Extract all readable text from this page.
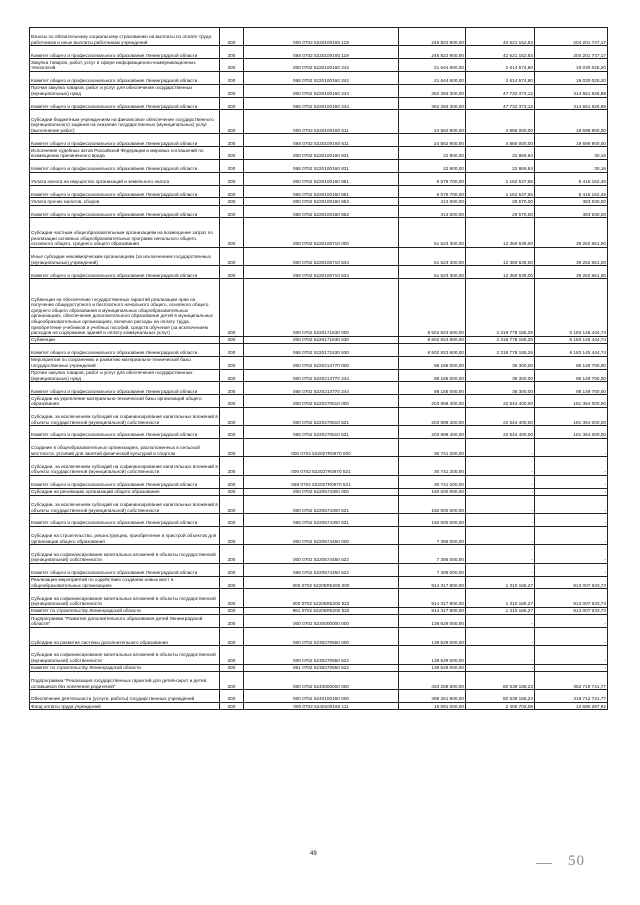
Взносы по обязательному социальному страхованию на выплаты по оплате труда работников и иные выплаты работникам учреждений	200	000 0702 5220100160 119	246 822 900,00	42 621 152,83	204 201 747,17
Комитет общего и профессионального образования Ленинградской области	200	068 0702 5220100160 119	246 822 900,00	42 621 152,83	204 201 747,17
Закупка товаров, работ, услуг в сфере информационно-коммуникационных технологий	200	000 0702 5220100160 242	21 644 600,00	2 614 574,80	19 030 025,20
Комитет общего и профессионального образования Ленинградской области	200	068 0702 5220100160 242	21 644 600,00	2 614 574,80	19 030 025,20
Прочая закупка товаров, работ и услуг для обеспечения государственных (муниципальных) нужд	200	000 0702 5220100160 244	362 284 300,00	47 732 373,12	314 551 926,88
Комитет общего и профессионального образования Ленинградской области	200	068 0702 5220100160 244	362 284 300,00	47 732 373,12	314 551 926,88
Субсидии бюджетным учреждениям на финансовое обеспечение государственного (муниципального) задания на оказание государственных (муниципальных) услуг (выполнение работ)	200	000 0702 5220100160 611	24 562 900,00	4 866 000,00	19 696 900,00
Комитет общего и профессионального образования Ленинградской области	200	068 0702 5220100160 611	24 562 900,00	4 866 000,00	19 696 900,00
Исполнение судебных актов Российской Федерации и мировых соглашений по возмещению причиненного вреда	200	000 0702 5220100160 831	22 900,00	22 869,84	30,16
Комитет общего и профессионального образования Ленинградской области	200	068 0702 5220100160 831	22 900,00	22 869,84	30,16
Уплата налога на имущество организаций и земельного налога	200	000 0702 5220100160 851	6 578 700,00	1 162 537,55	5 416 162,45
Комитет общего и профессионального образования Ленинградской области	200	068 0702 5220100160 851	6 578 700,00	1 162 537,55	5 416 162,45
Уплата прочих налогов, сборов	200	000 0702 5220100160 852	413 500,00	29 570,00	383 930,00
Комитет общего и профессионального образования Ленинградской области	200	068 0702 5220100160 852	413 500,00	29 570,00	383 930,00
Субсидии частным общеобразовательным организациям на возмещение затрат по реализации основных общеобразовательных программ начального общего, основного общего, среднего общего образования	200	000 0702 5220106710 000	51 623 300,00	12 360 639,00	39 262 661,00
Иные субсидии некоммерческим организациям (за исключением государственных (муниципальных) учреждений)	200	000 0702 5220106710 634	51 623 300,00	12 360 639,00	39 262 661,00
Комитет общего и профессионального образования Ленинградской области	200	068 0702 5220106710 634	51 623 300,00	12 360 639,00	39 262 661,00
Субвенции на обеспечение государственных гарантий реализации прав на получение общедоступного и бесплатного начального общего, основного общего, среднего общего образования в муниципальных общеобразовательных организациях, обеспечение дополнительного образования детей в муниципальных общеобразовательных организациях, включая расходы на оплату труда, приобретение учебников и учебных пособий, средств обучения (за исключением расходов на содержание зданий и оплату коммунальных услуг)	200	000 0702 5220171530 000	8 502 923 600,00	2 319 778 155,26	6 183 145 444,74
Субвенции	200	000 0702 5220171530 530	8 502 923 600,00	2 319 778 155,26	6 183 145 444,74
Комитет общего и профессионального образования Ленинградской области	200	068 0702 5220171530 530	8 502 923 600,00	2 319 778 155,26	6 183 145 444,74
Мероприятия по сохранению и развитию материально-технической базы государственных учреждений	200	000 0702 5220213770 000	98 186 000,00	36 300,00	98 149 700,00
Прочая закупка товаров, работ и услуг для обеспечения государственных (муниципальных) нужд	200	000 0702 5220213770 244	98 186 000,00	36 300,00	98 149 700,00
Комитет общего и профессионального образования Ленинградской области	200	068 0702 5220213770 244	98 186 000,00	36 300,00	98 149 700,00
Субсидии на укрепление материально-технической базы организаций общего образования	200	000 0702 5220270510 000	203 898 400,00	22 544 400,00	181 354 000,00
Субсидии, за исключением субсидий на софинансирование капитальных вложений в объекты государственной (муниципальной) собственности	200	000 0702 5220270510 521	203 898 400,00	22 544 400,00	181 354 000,00
Комитет общего и профессионального образования Ленинградской области	200	068 0702 5220270510 521	203 898 400,00	22 544 400,00	181 354 000,00
Создание в общеобразовательных организациях, расположенных в сельской местности, условий для занятий физической культурой и спортом	200	000 0702 522027R0970 000	30 741 200,00	-	-
Субсидии, за исключением субсидий на софинансирование капитальных вложений в объекты государственной (муниципальной) собственности	200	000 0702 522027R0970 521	30 741 200,00	-	-
Комитет общего и профессионального образования Ленинградской области	200	068 0702 522027R0970 521	30 741 200,00	-	-
Субсидии на реновацию организаций общего образования	200	000 0702 5220574300 000	150 000 000,00	-	-
Субсидии, за исключением субсидий на софинансирование капитальных вложений в объекты государственной (муниципальной) собственности	200	000 0702 5220574300 521	150 000 000,00	-	-
Комитет общего и профессионального образования Ленинградской области	200	068 0702 5220574300 521	150 000 000,00	-	-
Субсидии на строительство, реконструкцию, приобретение и пристрой объектов для организации общего образования	200	000 0702 5220574450 000	7 395 000,00	-	-
Субсидии на софинансирование капитальных вложений в объекты государственной (муниципальной) собственности	200	000 0702 5220574450 522	7 395 000,00	-	-
Комитет общего и профессионального образования Ленинградской области	200	068 0702 5220574450 522	7 395 000,00	-	-
Реализация мероприятий по содействию созданию новых мест в общеобразовательных организациях	200	000 0702 52205R5200 000	914 317 800,00	1 310 166,27	913 007 633,73
Субсидии на софинансирование капитальных вложений в объекты государственной (муниципальной) собственности	200	000 0702 52205R5200 522	914 317 800,00	1 310 166,27	913 007 633,73
Комитет по строительству Ленинградской области	200	981 0702 52205R5200 522	914 317 800,00	1 310 166,27	913 007 633,73
Подпрограмма "Развитие дополнительного образования детей Ленинградской области"	200	000 0702 5230000000 000	138 629 000,00	-	-
Субсидии на развитие системы дополнительного образования	200	000 0702 5230270550 000	138 629 000,00	-	-
Субсидии на софинансирование капитальных вложений в объекты государственной (муниципальной) собственности	200	000 0702 5230270550 522	138 629 000,00	-	-
Комитет по строительству Ленинградской области	200	981 0702 5230270550 522	138 629 000,00	-	-
Подпрограмма "Реализация государственных гарантий для детей-сирот и детей, оставшихся без попечения родителей"	200	000 0702 5240000000 000	433 258 900,00	80 539 158,23	352 719 741,77
Обеспечение деятельности (услуги, работы) государственных учреждений	200	000 0702 5240100160 000	399 251 900,00	80 539 158,23	318 712 741,77
Фонд оплаты труда учреждений	200	000 0702 5240100160 111	15 091 000,00	2 400 702,08	12 690 297,92
49	50
